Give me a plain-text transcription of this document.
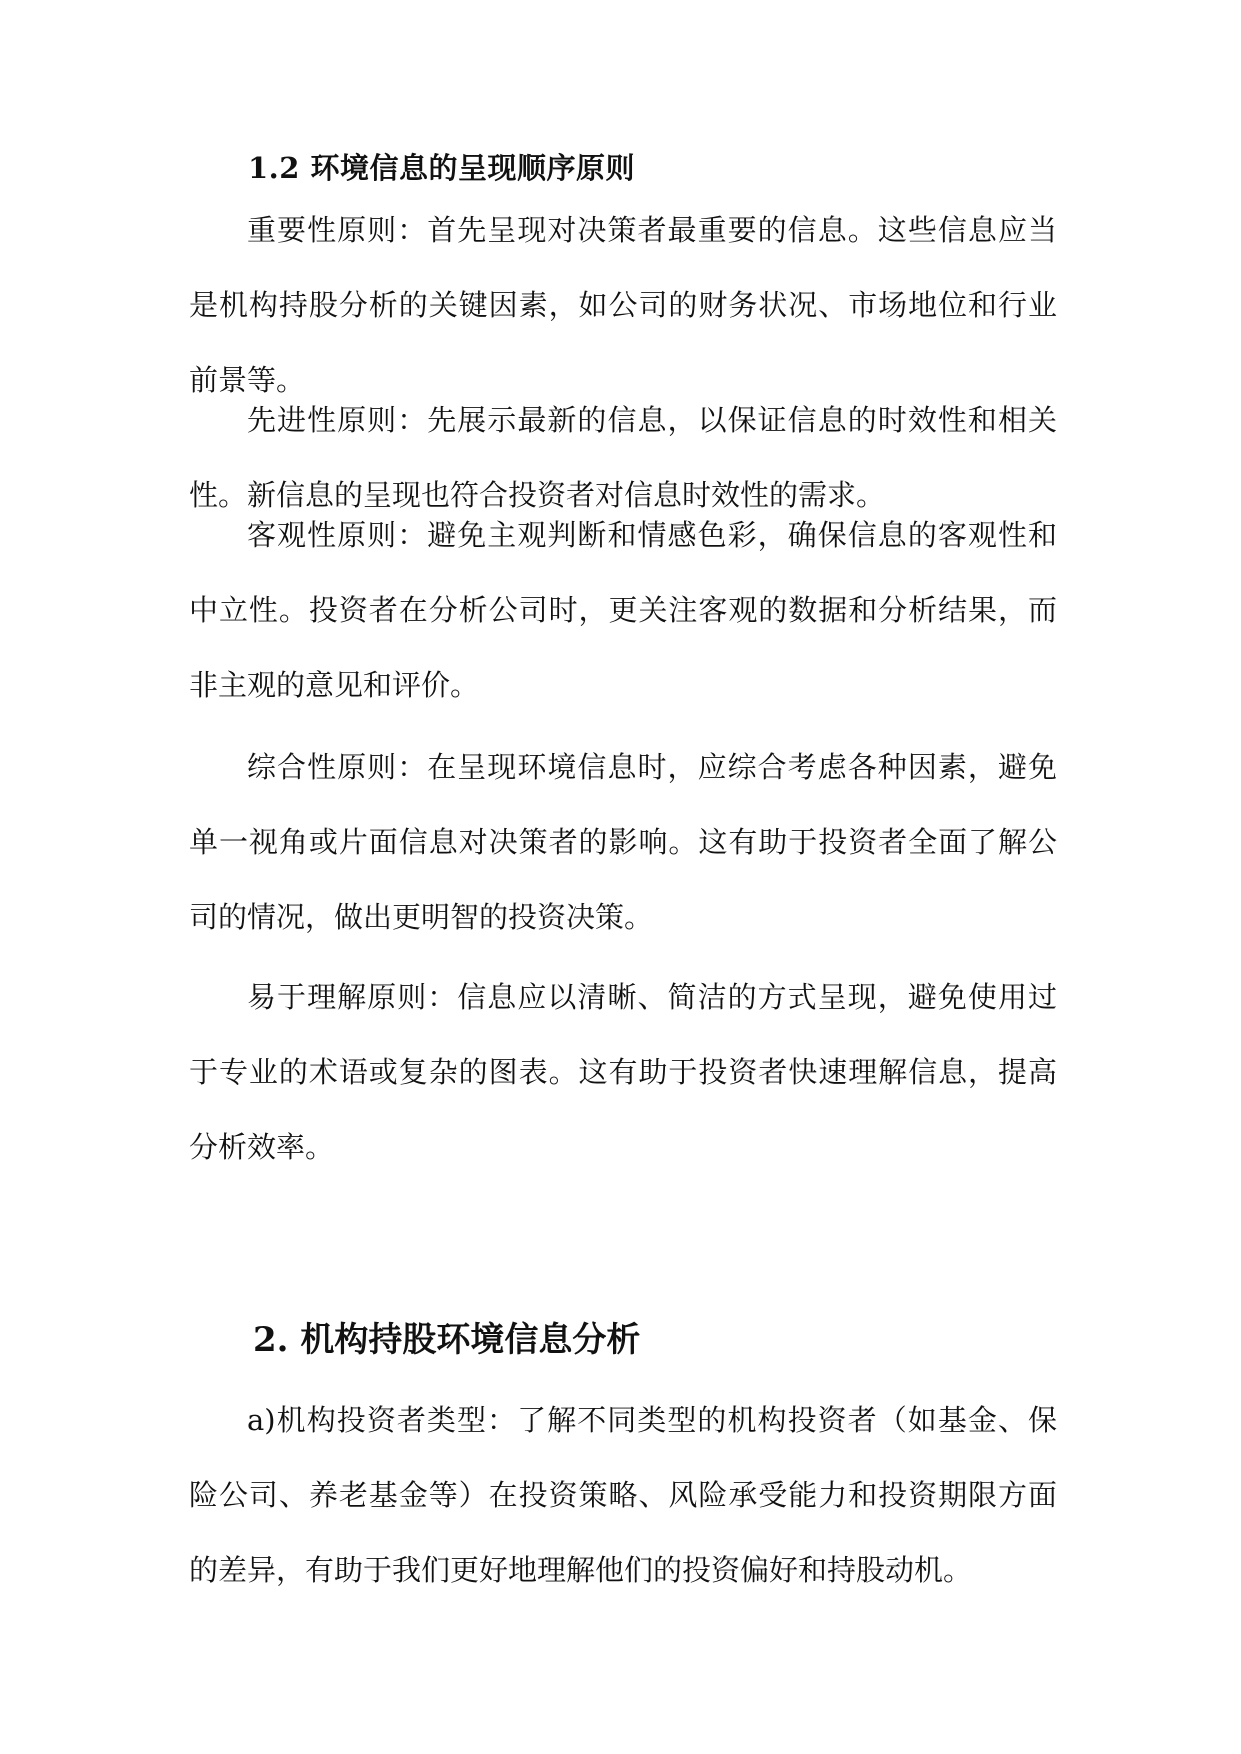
1.2 环境信息的呈现顺序原则

重要性原则：首先呈现对决策者最重要的信息。这些信息应当是机构持股分析的关键因素，如公司的财务状况、市场地位和行业前景等。

先进性原则：先展示最新的信息，以保证信息的时效性和相关性。新信息的呈现也符合投资者对信息时效性的需求。

客观性原则：避免主观判断和情感色彩，确保信息的客观性和中立性。投资者在分析公司时，更关注客观的数据和分析结果，而非主观的意见和评价。

综合性原则：在呈现环境信息时，应综合考虑各种因素，避免单一视角或片面信息对决策者的影响。这有助于投资者全面了解公司的情况，做出更明智的投资决策。

易于理解原则：信息应以清晰、简洁的方式呈现，避免使用过于专业的术语或复杂的图表。这有助于投资者快速理解信息，提高分析效率。

2. 机构持股环境信息分析

a)机构投资者类型：了解不同类型的机构投资者（如基金、保险公司、养老基金等）在投资策略、风险承受能力和投资期限方面的差异，有助于我们更好地理解他们的投资偏好和持股动机。
